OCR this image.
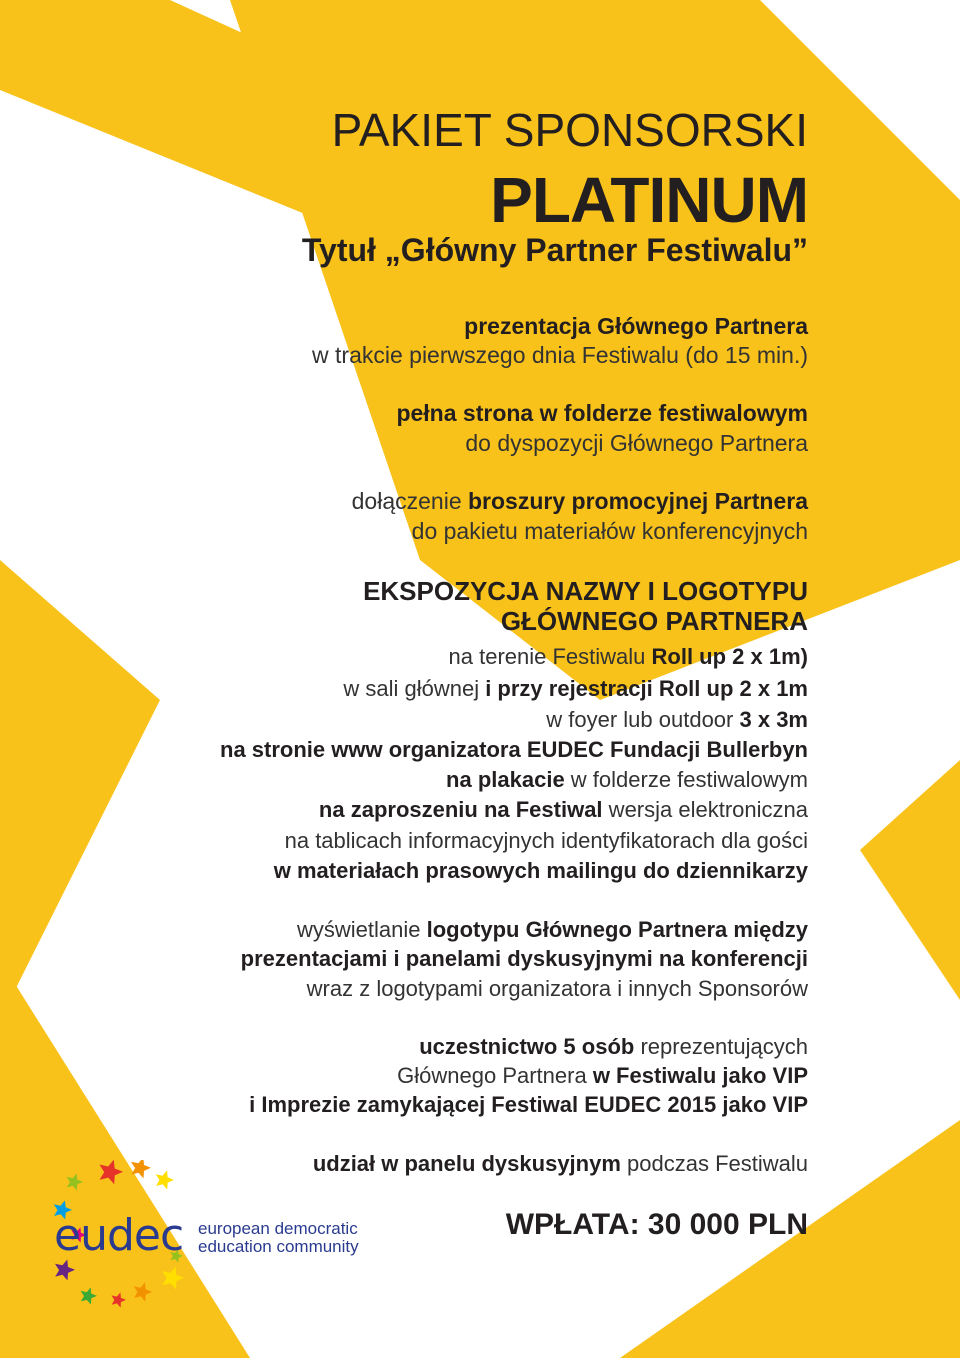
PAKIET SPONSORSKI
PLATINUM
Tytuł „Główny Partner Festiwalu”
prezentacja Głównego Partnera
w trakcie pierwszego dnia Festiwalu (do 15 min.)
pełna strona w folderze festiwalowym
do dyspozycji Głównego Partnera
dołączenie broszury promocyjnej Partnera
do pakietu materiałów konferencyjnych
EKSPOZYCJA NAZWY I LOGOTYPU
GŁÓWNEGO PARTNERA
na terenie Festiwalu Roll up 2 x 1m)
w sali głównej i przy rejestracji Roll up 2 x 1m
w foyer lub outdoor 3 x 3m
na stronie www organizatora EUDEC Fundacji Bullerbyn
na plakacie w folderze festiwalowym
na zaproszeniu na Festiwal wersja elektroniczna
na tablicach informacyjnych identyfikatorach dla gości
w materiałach prasowych mailingu do dziennikarzy
wyświetlanie logotypu Głównego Partnera między
prezentacjami i panelami dyskusyjnymi na konferencji
wraz z logotypami organizatora i innych Sponsorów
uczestnictwo 5 osób reprezentujących
Głównego Partnera w Festiwalu jako VIP
i Imprezie zamykającej Festiwal EUDEC 2015 jako VIP
udział w panelu dyskusyjnym podczas Festiwalu
WPŁATA: 30 000 PLN
eudec european democratic
education community
